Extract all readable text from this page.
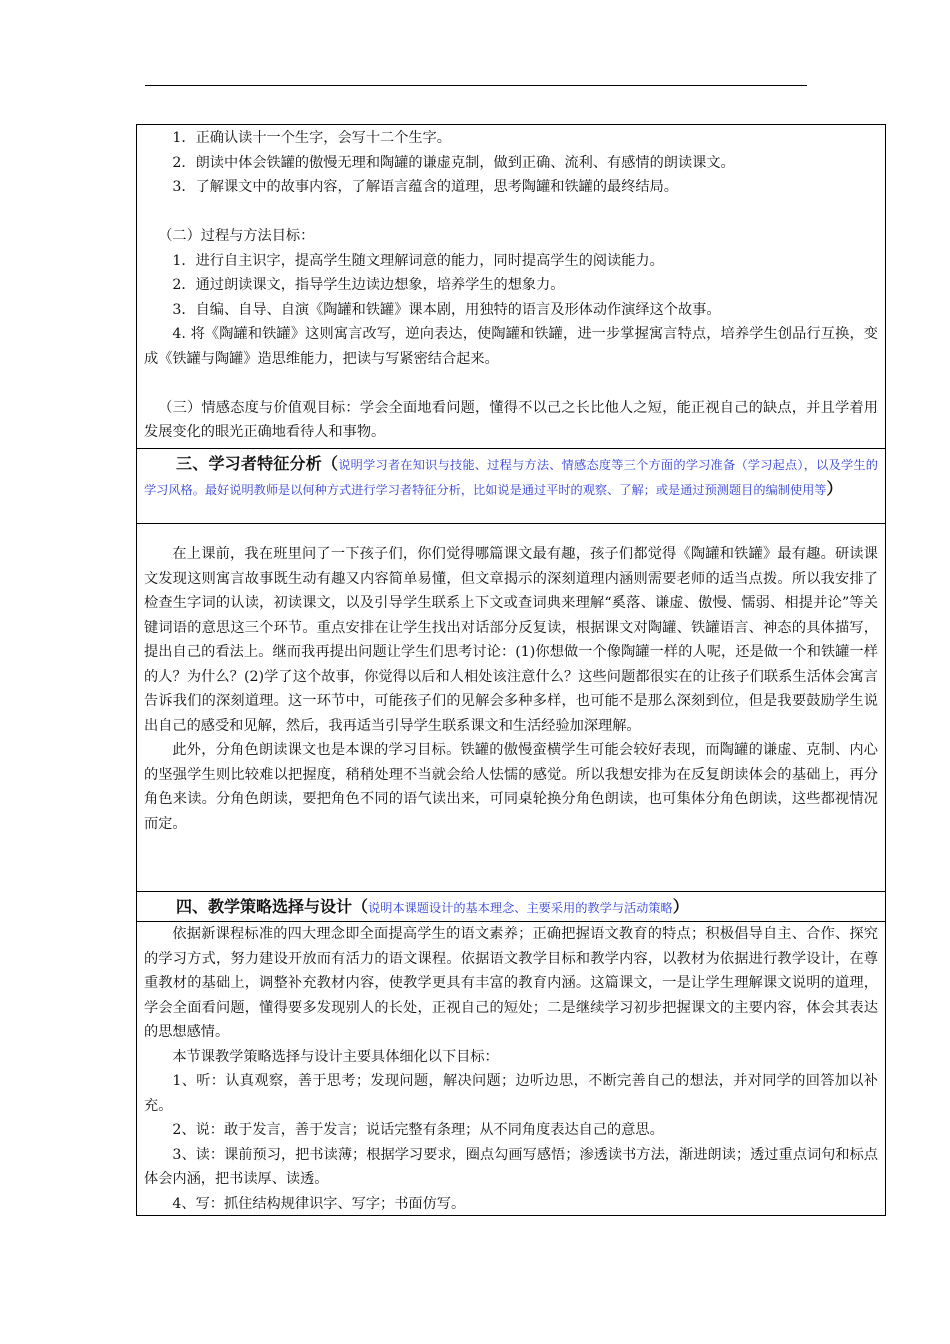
1．正确认读十一个生字，会写十二个生字。

2．朗读中体会铁罐的傲慢无理和陶罐的谦虚克制，做到正确、流利、有感情的朗读课文。

3．了解课文中的故事内容，了解语言蕴含的道理，思考陶罐和铁罐的最终结局。

（二）过程与方法目标：

1．进行自主识字，提高学生随文理解词意的能力，同时提高学生的阅读能力。

2．通过朗读课文，指导学生边读边想象，培养学生的想象力。

3．自编、自导、自演《陶罐和铁罐》课本剧，用独特的语言及形体动作演绎这个故事。

4. 将《陶罐和铁罐》这则寓言改写，逆向表达，使陶罐和铁罐，进一步掌握寓言特点，培养学生创品行互换，变成《铁罐与陶罐》造思维能力，把读与写紧密结合起来。

（三）情感态度与价值观目标：学会全面地看问题，懂得不以己之长比他人之短，能正视自己的缺点，并且学着用发展变化的眼光正确地看待人和事物。

三、学习者特征分析（说明学习者在知识与技能、过程与方法、情感态度等三个方面的学习准备（学习起点），以及学生的学习风格。最好说明教师是以何种方式进行学习者特征分析，比如说是通过平时的观察、了解；或是通过预测题目的编制使用等）

在上课前，我在班里问了一下孩子们，你们觉得哪篇课文最有趣，孩子们都觉得《陶罐和铁罐》最有趣。研读课文发现这则寓言故事既生动有趣又内容简单易懂，但文章揭示的深刻道理内涵则需要老师的适当点拨。所以我安排了检查生字词的认读，初读课文，以及引导学生联系上下文或查词典来理解“奚落、谦虚、傲慢、懦弱、相提并论”等关键词语的意思这三个环节。重点安排在让学生找出对话部分反复读，根据课文对陶罐、铁罐语言、神态的具体描写，提出自己的看法上。继而我再提出问题让学生们思考讨论：(1)你想做一个像陶罐一样的人呢，还是做一个和铁罐一样的人？为什么？(2)学了这个故事，你觉得以后和人相处该注意什么？这些问题都很实在的让孩子们联系生活体会寓言告诉我们的深刻道理。这一环节中，可能孩子们的见解会多种多样，也可能不是那么深刻到位，但是我要鼓励学生说出自己的感受和见解，然后，我再适当引导学生联系课文和生活经验加深理解。

此外，分角色朗读课文也是本课的学习目标。铁罐的傲慢蛮横学生可能会较好表现，而陶罐的谦虚、克制、内心的坚强学生则比较难以把握度，稍稍处理不当就会给人怯懦的感觉。所以我想安排为在反复朗读体会的基础上，再分角色来读。分角色朗读，要把角色不同的语气读出来，可同桌轮换分角色朗读，也可集体分角色朗读，这些都视情况而定。

四、教学策略选择与设计（说明本课题设计的基本理念、主要采用的教学与活动策略）

依据新课程标准的四大理念即全面提高学生的语文素养；正确把握语文教育的特点；积极倡导自主、合作、探究的学习方式，努力建设开放而有活力的语文课程。依据语文教学目标和教学内容，以教材为依据进行教学设计，在尊重教材的基础上，调整补充教材内容，使教学更具有丰富的教育内涵。这篇课文，一是让学生理解课文说明的道理，学会全面看问题，懂得要多发现别人的长处，正视自己的短处；二是继续学习初步把握课文的主要内容，体会其表达的思想感情。

本节课教学策略选择与设计主要具体细化以下目标：

1、听：认真观察，善于思考；发现问题，解决问题；边听边思，不断完善自己的想法，并对同学的回答加以补充。

2、说：敢于发言，善于发言；说话完整有条理；从不同角度表达自己的意思。

3、读：课前预习，把书读薄；根据学习要求，圈点勾画写感悟；渗透读书方法，渐进朗读；透过重点词句和标点体会内涵，把书读厚、读透。

4、写：抓住结构规律识字、写字；书面仿写。
